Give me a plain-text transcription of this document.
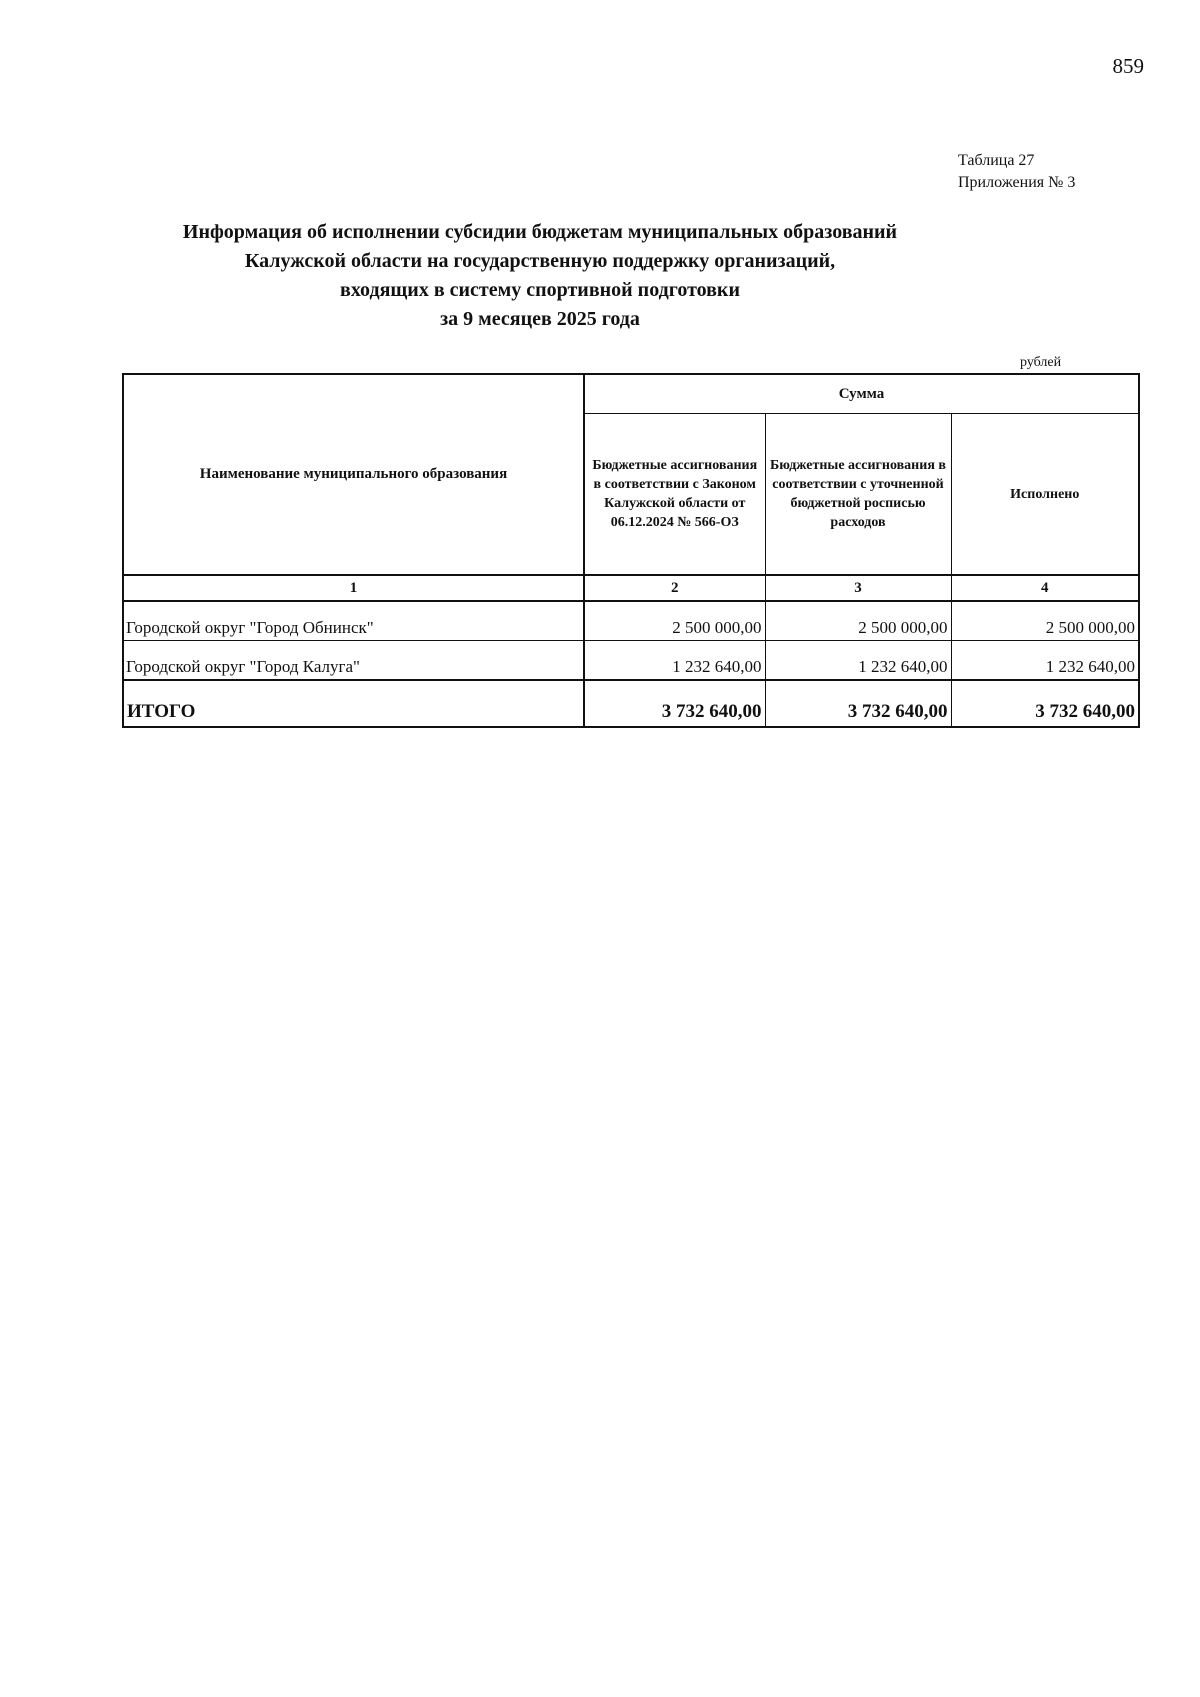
859
Таблица 27
Приложения № 3
Информация об исполнении субсидии бюджетам муниципальных образований
Калужской области на государственную поддержку организаций,
входящих в систему спортивной подготовки
за 9 месяцев 2025 года
рублей
Наименование муниципального образования	Сумма		
	Бюджетные ассигнования в соответствии с Законом Калужской области от 06.12.2024 № 566-ОЗ	Бюджетные ассигнования в соответствии с уточненной бюджетной росписью расходов	Исполнено
1	2	3	4
Городской округ "Город Обнинск"	2 500 000,00	2 500 000,00	2 500 000,00
Городской округ "Город Калуга"	1 232 640,00	1 232 640,00	1 232 640,00
ИТОГО	3 732 640,00	3 732 640,00	3 732 640,00
